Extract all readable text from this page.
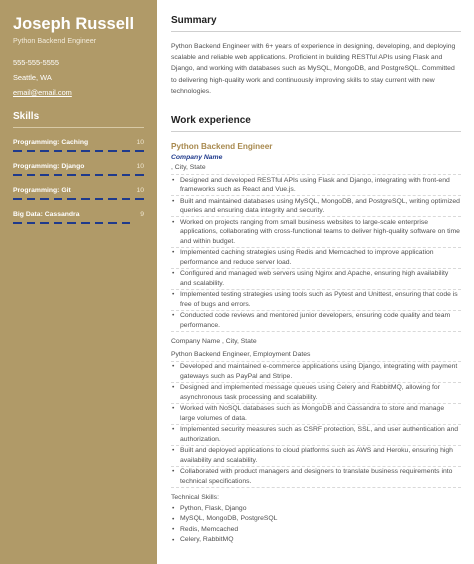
Joseph Russell
Python Backend Engineer
555-555-5555
Seattle, WA
email@email.com
Skills
Programming: Caching	10
Programming: Django	10
Programming: Git	10
Big Data: Cassandra	9
Summary

Python Backend Engineer with 6+ years of experience in designing, developing, and deploying scalable and reliable web applications. Proficient in building RESTful APIs using Flask and Django, and working with databases such as MySQL, MongoDB, and PostgreSQL. Committed to delivering high-quality work and continuously improving skills to stay current with new technologies.

Work experience
Python Backend Engineer
Company Name
, City, State
• Designed and developed RESTful APIs using Flask and Django, integrating with front-end frameworks such as React and Vue.js.
• Built and maintained databases using MySQL, MongoDB, and PostgreSQL, writing optimized queries and ensuring data integrity and security.
• Worked on projects ranging from small business websites to large-scale enterprise applications, collaborating with cross-functional teams to deliver high-quality software on time and within budget.
• Implemented caching strategies using Redis and Memcached to improve application performance and reduce server load.
• Configured and managed web servers using Nginx and Apache, ensuring high availability and scalability.
• Implemented testing strategies using tools such as Pytest and Unittest, ensuring that code is free of bugs and errors.
• Conducted code reviews and mentored junior developers, ensuring code quality and team performance.
Company Name , City, State
Python Backend Engineer, Employment Dates
• Developed and maintained e-commerce applications using Django, integrating with payment gateways such as PayPal and Stripe.
• Designed and implemented message queues using Celery and RabbitMQ, allowing for asynchronous task processing and scalability.
• Worked with NoSQL databases such as MongoDB and Cassandra to store and manage large volumes of data.
• Implemented security measures such as CSRF protection, SSL, and user authentication and authorization.
• Built and deployed applications to cloud platforms such as AWS and Heroku, ensuring high availability and scalability.
• Collaborated with product managers and designers to translate business requirements into technical specifications.
Technical Skills:
• Python, Flask, Django
• MySQL, MongoDB, PostgreSQL
• Redis, Memcached
• Celery, RabbitMQ
